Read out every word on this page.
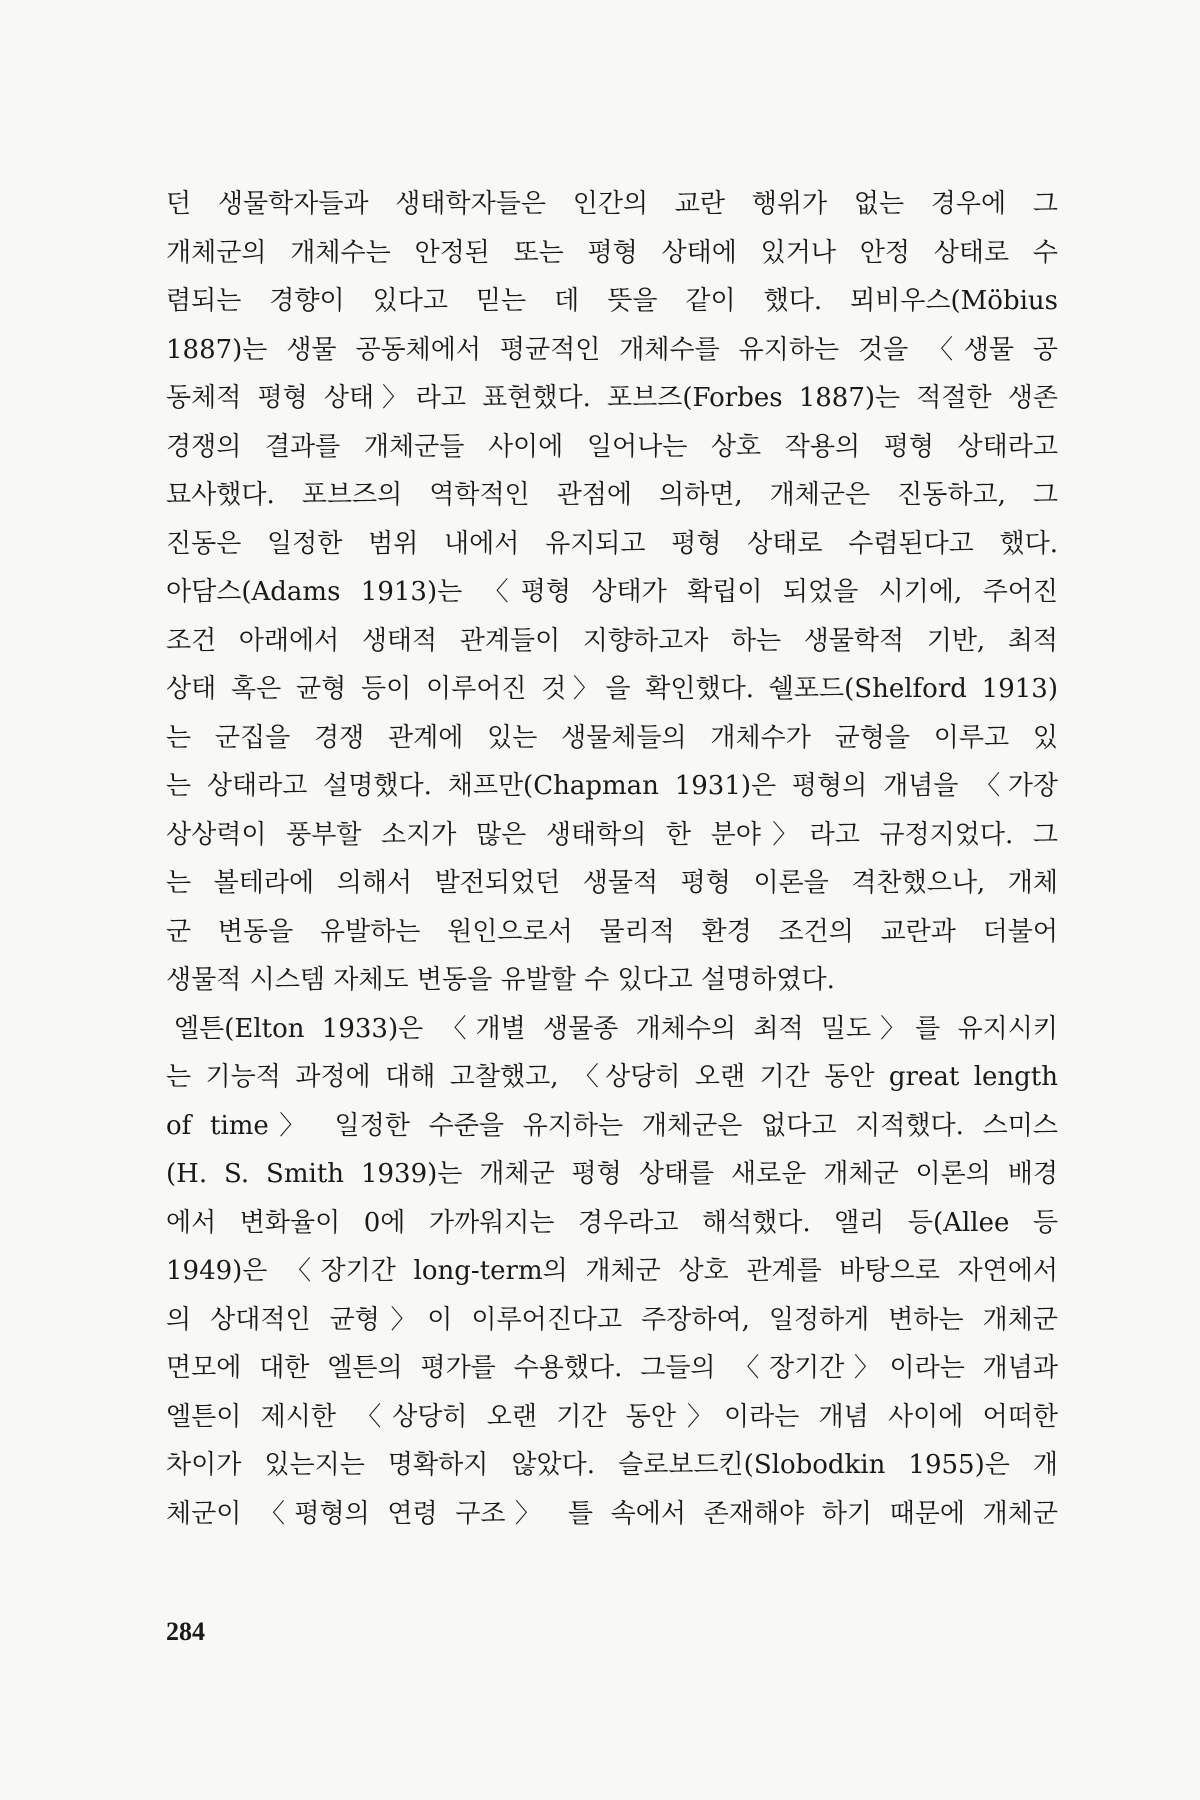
던 생물학자들과 생태학자들은 인간의 교란 행위가 없는 경우에 그
개체군의 개체수는 안정된 또는 평형 상태에 있거나 안정 상태로 수
렴되는 경향이 있다고 믿는 데 뜻을 같이 했다. 뫼비우스(Möbius
1887)는 생물 공동체에서 평균적인 개체수를 유지하는 것을 〈생물 공
동체적 평형 상태〉라고 표현했다. 포브즈(Forbes 1887)는 적절한 생존
경쟁의 결과를 개체군들 사이에 일어나는 상호 작용의 평형 상태라고
묘사했다. 포브즈의 역학적인 관점에 의하면, 개체군은 진동하고, 그
진동은 일정한 범위 내에서 유지되고 평형 상태로 수렴된다고 했다.
아담스(Adams 1913)는 〈평형 상태가 확립이 되었을 시기에, 주어진
조건 아래에서 생태적 관계들이 지향하고자 하는 생물학적 기반, 최적
상태 혹은 균형 등이 이루어진 것〉을 확인했다. 쉘포드(Shelford 1913)
는 군집을 경쟁 관계에 있는 생물체들의 개체수가 균형을 이루고 있
는 상태라고 설명했다. 채프만(Chapman 1931)은 평형의 개념을 〈가장
상상력이 풍부할 소지가 많은 생태학의 한 분야〉라고 규정지었다. 그
는 볼테라에 의해서 발전되었던 생물적 평형 이론을 격찬했으나, 개체
군 변동을 유발하는 원인으로서 물리적 환경 조건의 교란과 더불어
생물적 시스템 자체도 변동을 유발할 수 있다고 설명하였다.
엘튼(Elton 1933)은 〈개별 생물종 개체수의 최적 밀도〉를 유지시키
는 기능적 과정에 대해 고찰했고, 〈상당히 오랜 기간 동안 great length
of time〉 일정한 수준을 유지하는 개체군은 없다고 지적했다. 스미스
(H. S. Smith 1939)는 개체군 평형 상태를 새로운 개체군 이론의 배경
에서 변화율이 0에 가까워지는 경우라고 해석했다. 앨리 등(Allee 등
1949)은 〈장기간 long-term의 개체군 상호 관계를 바탕으로 자연에서
의 상대적인 균형〉이 이루어진다고 주장하여, 일정하게 변하는 개체군
면모에 대한 엘튼의 평가를 수용했다. 그들의 〈장기간〉이라는 개념과
엘튼이 제시한 〈상당히 오랜 기간 동안〉이라는 개념 사이에 어떠한
차이가 있는지는 명확하지 않았다. 슬로보드킨(Slobodkin 1955)은 개
체군이 〈평형의 연령 구조〉 틀 속에서 존재해야 하기 때문에 개체군
284
